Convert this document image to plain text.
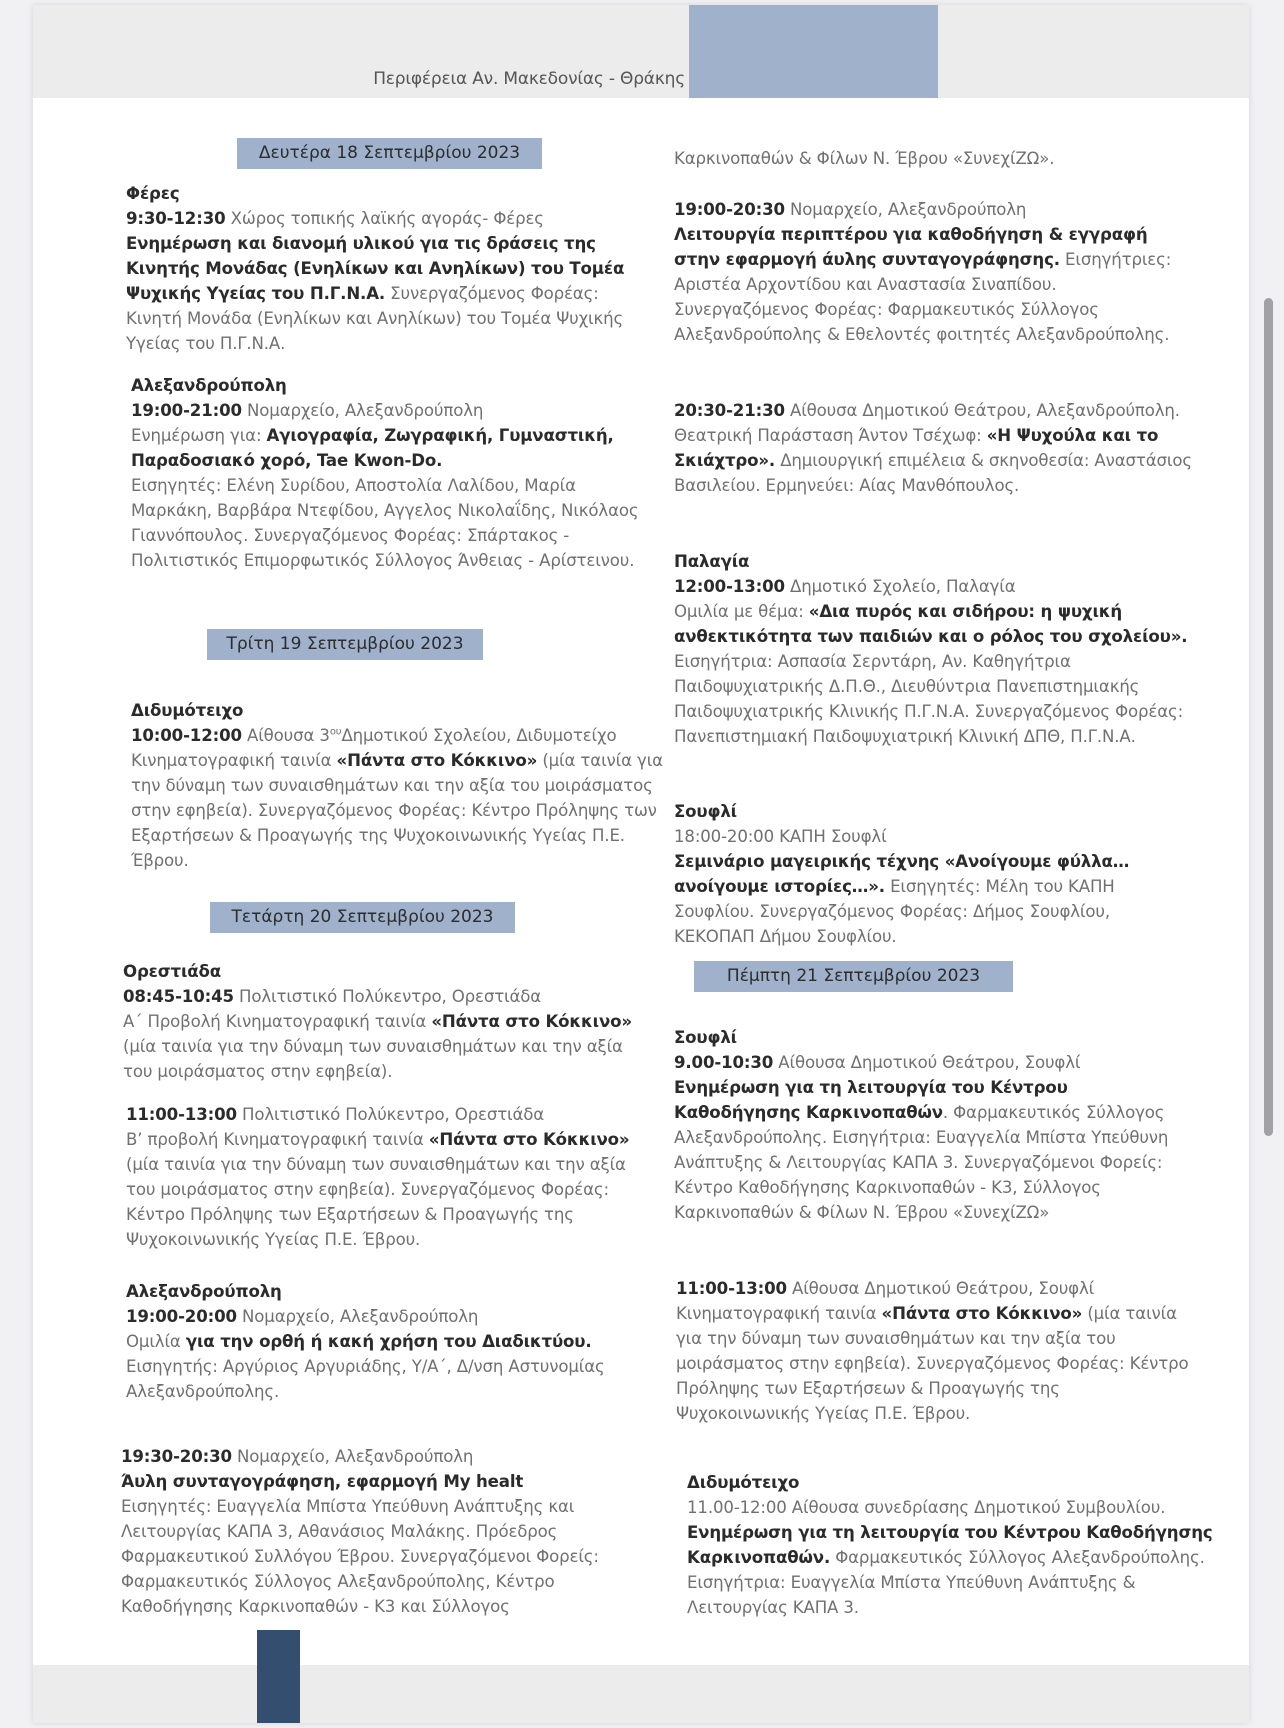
Περιφέρεια Αν. Μακεδονίας - Θράκης
Δευτέρα 18 Σεπτεμβρίου 2023
Φέρες
9:30-12:30 Χώρος τοπικής λαϊκής αγοράς- Φέρες
Ενημέρωση και διανομή υλικού για τις δράσεις της Κινητής Μονάδας (Ενηλίκων και Ανηλίκων) του Τομέα Ψυχικής Υγείας του Π.Γ.Ν.Α. Συνεργαζόμενος Φορέας: Κινητή Μονάδα (Ενηλίκων και Ανηλίκων) του Τομέα Ψυχικής Υγείας του Π.Γ.Ν.Α.
Αλεξανδρούπολη
19:00-21:00 Νομαρχείο, Αλεξανδρούπολη
Ενημέρωση για: Αγιογραφία, Ζωγραφική, Γυμναστική, Παραδοσιακό χορό, Tae Kwon-Do.
Εισηγητές: Ελένη Συρίδου, Αποστολία Λαλίδου, Μαρία Μαρκάκη, Βαρβάρα Ντεφίδου, Αγγελος Νικολαΐδης, Νικόλαος Γιαννόπουλος. Συνεργαζόμενος Φορέας: Σπάρτακος - Πολιτιστικός Επιμορφωτικός Σύλλογος Άνθειας - Αρίστεινου.
Τρίτη 19 Σεπτεμβρίου 2023
Διδυμότειχο
10:00-12:00 Αίθουσα $3^{o\upsilon}\Delta\eta\mu o\tau\iota\kappa oύ$ Σχολείου, Διδυμοτείχο
Κινηματογραφική ταινία «Πάντα στο Κόκκινο» (μία ταινία για την δύναμη των συναισθημάτων και την αξία του μοιράσματος στην εφηβεία). Συνεργαζόμενος Φορέας: Κέντρο Πρόληψης των Εξαρτήσεων & Προαγωγής της Ψυχοκοινωνικής Υγείας Π.Ε. Έβρου.
Τετάρτη 20 Σεπτεμβρίου 2023
Ορεστιάδα
08:45-10:45 Πολιτιστικό Πολύκεντρο, Ορεστιάδα
Α΄ Προβολή Κινηματογραφική ταινία «Πάντα στο Κόκκινο» (μία ταινία για την δύναμη των συναισθημάτων και την αξία του μοιράσματος στην εφηβεία).
11:00-13:00 Πολιτιστικό Πολύκεντρο, Ορεστιάδα
Β’ προβολή Κινηματογραφική ταινία «Πάντα στο Κόκκινο» (μία ταινία για την δύναμη των συναισθημάτων και την αξία του μοιράσματος στην εφηβεία). Συνεργαζόμενος Φορέας: Κέντρο Πρόληψης των Εξαρτήσεων & Προαγωγής της Ψυχοκοινωνικής Υγείας Π.Ε. Έβρου.
Αλεξανδρούπολη
19:00-20:00 Νομαρχείο, Αλεξανδρούπολη
Ομιλία για την ορθή ή κακή χρήση του Διαδικτύου.
Εισηγητής: Αργύριος Αργυριάδης, Υ/Α΄, Δ/νση Αστυνομίας Αλεξανδρούπολης.
19:30-20:30 Νομαρχείο, Αλεξανδρούπολη
Άυλη συνταγογράφηση, εφαρμογή My healt
Εισηγητές: Ευαγγελία Μπίστα Υπεύθυνη Ανάπτυξης και Λειτουργίας ΚΑΠΑ 3, Αθανάσιος Μαλάκης. Πρόεδρος Φαρμακευτικού Συλλόγου Έβρου. Συνεργαζόμενοι Φορείς: Φαρμακευτικός Σύλλογος Αλεξανδρούπολης, Κέντρο Καθοδήγησης Καρκινοπαθών - Κ3 και Σύλλογος
Καρκινοπαθών & Φίλων Ν. Έβρου «ΣυνεχίΖΩ».
19:00-20:30 Νομαρχείο, Αλεξανδρούπολη
Λειτουργία περιπτέρου για καθοδήγηση & εγγραφή στην εφαρμογή άυλης συνταγογράφησης. Εισηγήτριες: Αριστέα Αρχοντίδου και Αναστασία Σιναπίδου. Συνεργαζόμενος Φορέας: Φαρμακευτικός Σύλλογος Αλεξανδρούπολης & Εθελοντές φοιτητές Αλεξανδρούπολης.
20:30-21:30 Αίθουσα Δημοτικού Θεάτρου, Αλεξανδρούπολη. Θεατρική Παράσταση Άντον Τσέχωφ: «Η Ψυχούλα και το Σκιάχτρο». Δημιουργική επιμέλεια & σκηνοθεσία: Αναστάσιος Βασιλείου. Ερμηνεύει: Αίας Μανθόπουλος.
Παλαγία
12:00-13:00 Δημοτικό Σχολείο, Παλαγία
Ομιλία με θέμα: «Δια πυρός και σιδήρου: η ψυχική ανθεκτικότητα των παιδιών και ο ρόλος του σχολείου».
Εισηγήτρια: Ασπασία Σερντάρη, Αν. Καθηγήτρια Παιδοψυχιατρικής Δ.Π.Θ., Διευθύντρια Πανεπιστημιακής Παιδοψυχιατρικής Κλινικής Π.Γ.Ν.Α. Συνεργαζόμενος Φορέας: Πανεπιστημιακή Παιδοψυχιατρική Κλινική ΔΠΘ, Π.Γ.Ν.Α.
Σουφλί
18:00-20:00 ΚΑΠΗ Σουφλί
Σεμινάριο μαγειρικής τέχνης «Ανοίγουμε φύλλα… ανοίγουμε ιστορίες…». Εισηγητές: Μέλη του ΚΑΠΗ Σουφλίου. Συνεργαζόμενος Φορέας: Δήμος Σουφλίου, ΚΕΚΟΠΑΠ Δήμου Σουφλίου.
Πέμπτη 21 Σεπτεμβρίου 2023
Σουφλί
9.00-10:30 Αίθουσα Δημοτικού Θεάτρου, Σουφλί
Ενημέρωση για τη λειτουργία του Κέντρου Καθοδήγησης Καρκινοπαθών. Φαρμακευτικός Σύλλογος Αλεξανδρούπολης. Εισηγήτρια: Ευαγγελία Μπίστα Υπεύθυνη Ανάπτυξης & Λειτουργίας ΚΑΠΑ 3. Συνεργαζόμενοι Φορείς: Κέντρο Καθοδήγησης Καρκινοπαθών - Κ3, Σύλλογος Καρκινοπαθών & Φίλων Ν. Έβρου «ΣυνεχίΖΩ»
11:00-13:00 Αίθουσα Δημοτικού Θεάτρου, Σουφλί
Κινηματογραφική ταινία «Πάντα στο Κόκκινο» (μία ταινία για την δύναμη των συναισθημάτων και την αξία του μοιράσματος στην εφηβεία). Συνεργαζόμενος Φορέας: Κέντρο Πρόληψης των Εξαρτήσεων & Προαγωγής της Ψυχοκοινωνικής Υγείας Π.Ε. Έβρου.
Διδυμότειχο
11.00-12:00 Αίθουσα συνεδρίασης Δημοτικού Συμβουλίου. Ενημέρωση για τη λειτουργία του Κέντρου Καθοδήγησης Καρκινοπαθών. Φαρμακευτικός Σύλλογος Αλεξανδρούπολης. Εισηγήτρια: Ευαγγελία Μπίστα Υπεύθυνη Ανάπτυξης & Λειτουργίας ΚΑΠΑ 3.
